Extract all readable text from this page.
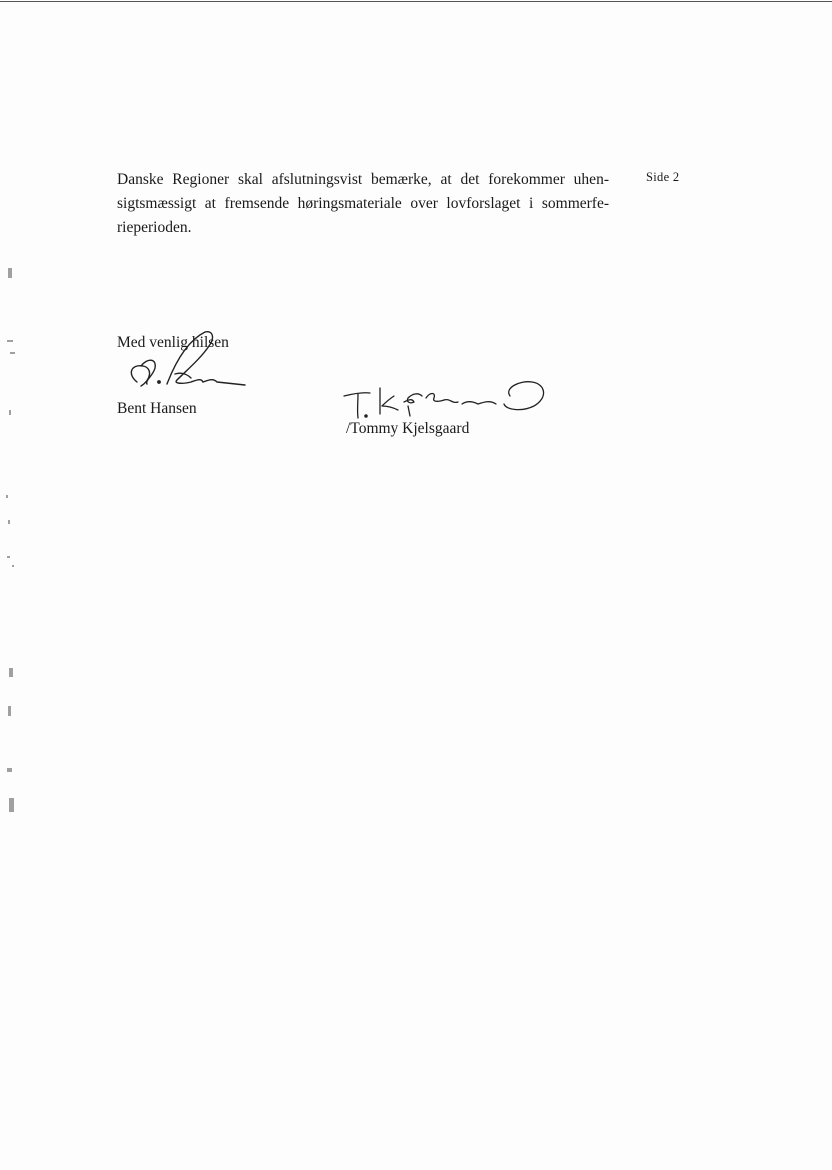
Danske Regioner skal afslutningsvist bemærke, at det forekommer uhensigtsmæssigt at fremsende høringsmateriale over lovforslaget i sommerferieperioden.

Side 2
Med venlig hilsen
Bent Hansen
/Tommy Kjelsgaard
